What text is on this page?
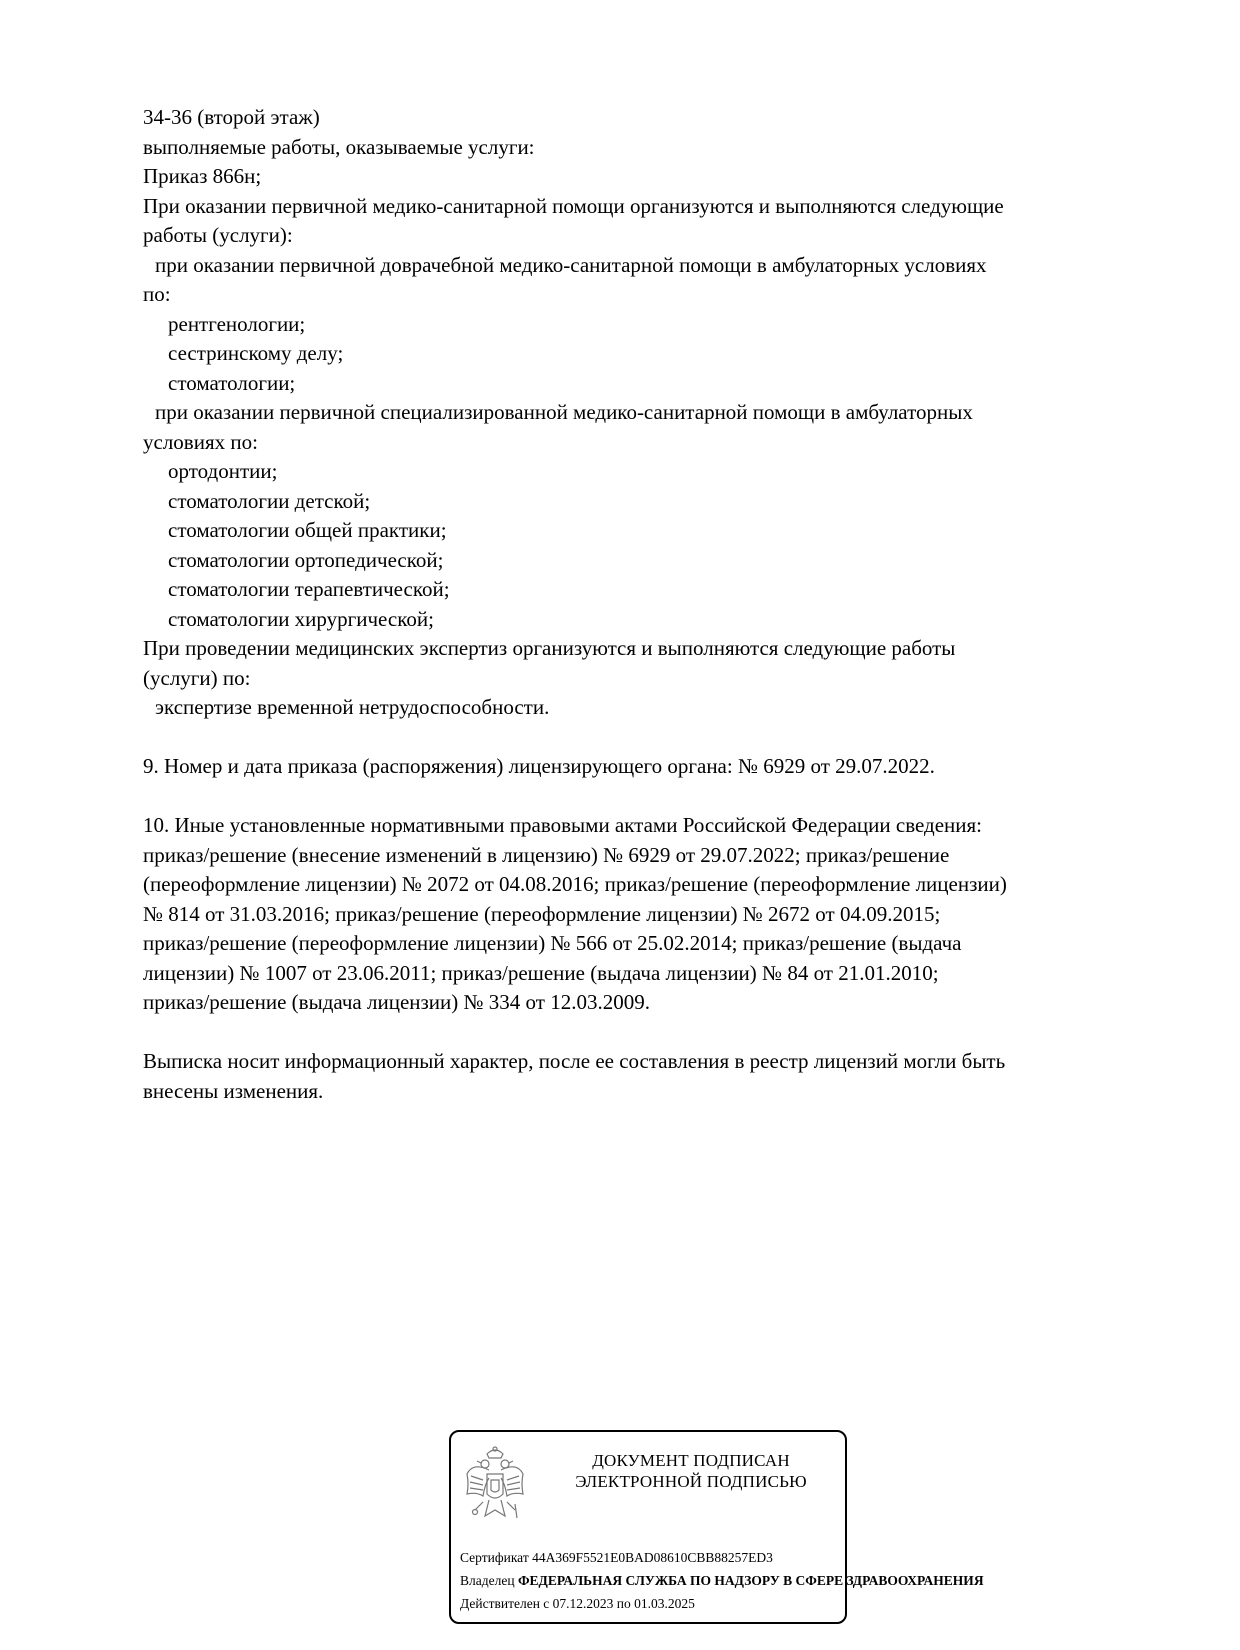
34-36 (второй этаж)
выполняемые работы, оказываемые услуги:
Приказ 866н;
При оказании первичной медико-санитарной помощи организуются и выполняются следующие
работы (услуги):
при оказании первичной доврачебной медико-санитарной помощи в амбулаторных условиях
по:
рентгенологии;
сестринскому делу;
стоматологии;
при оказании первичной специализированной медико-санитарной помощи в амбулаторных
условиях по:
ортодонтии;
стоматологии детской;
стоматологии общей практики;
стоматологии ортопедической;
стоматологии терапевтической;
стоматологии хирургической;
При проведении медицинских экспертиз организуются и выполняются следующие работы
(услуги) по:
экспертизе временной нетрудоспособности.
9. Номер и дата приказа (распоряжения) лицензирующего органа: № 6929 от 29.07.2022.
10. Иные установленные нормативными правовыми актами Российской Федерации сведения:
приказ/решение (внесение изменений в лицензию) № 6929 от 29.07.2022; приказ/решение
(переоформление лицензии) № 2072 от 04.08.2016; приказ/решение (переоформление лицензии)
№ 814 от 31.03.2016; приказ/решение (переоформление лицензии) № 2672 от 04.09.2015;
приказ/решение (переоформление лицензии) № 566 от 25.02.2014; приказ/решение (выдача
лицензии) № 1007 от 23.06.2011; приказ/решение (выдача лицензии) № 84 от 21.01.2010;
приказ/решение (выдача лицензии) № 334 от 12.03.2009.
Выписка носит информационный характер, после ее составления в реестр лицензий могли быть
внесены изменения.
ДОКУМЕНТ ПОДПИСАН
ЭЛЕКТРОННОЙ ПОДПИСЬЮ
Сертификат 44A369F5521E0BAD08610CBB88257ED3
Владелец ФЕДЕРАЛЬНАЯ СЛУЖБА ПО НАДЗОРУ В СФЕРЕ ЗДРАВООХРАНЕНИЯ
Действителен с 07.12.2023 по 01.03.2025
